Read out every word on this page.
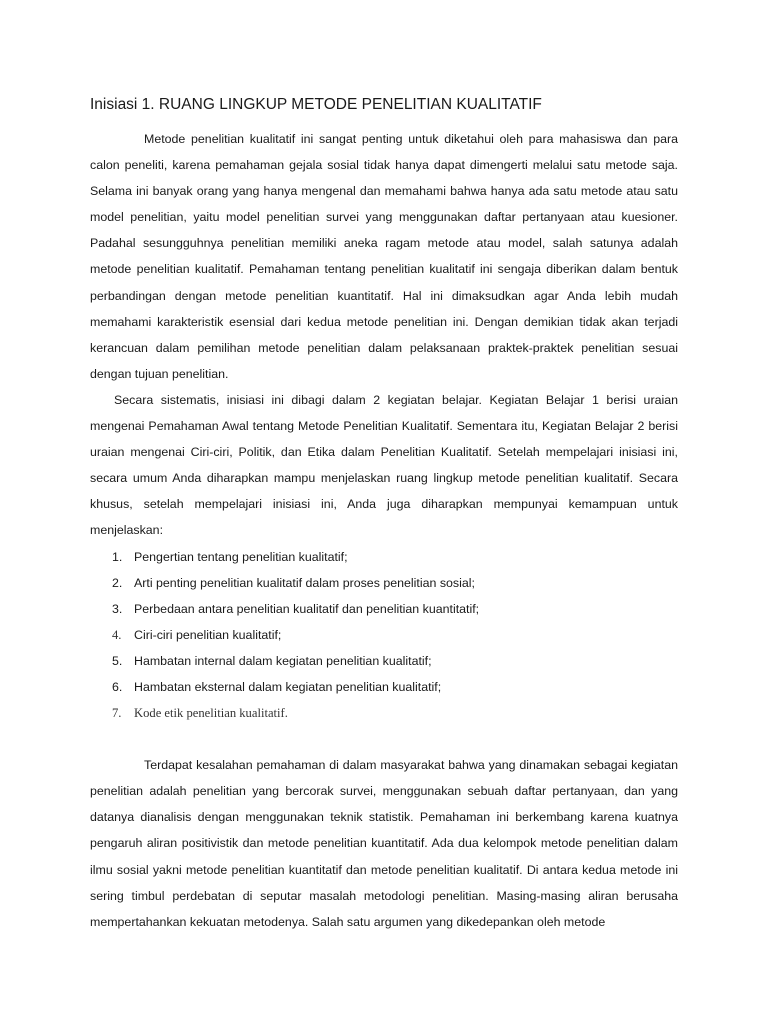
Inisiasi 1. RUANG LINGKUP METODE PENELITIAN KUALITATIF

Metode penelitian kualitatif ini sangat penting untuk diketahui oleh para mahasiswa dan para calon peneliti, karena pemahaman gejala sosial tidak hanya dapat dimengerti melalui satu metode saja. Selama ini banyak orang yang hanya mengenal dan memahami bahwa hanya ada satu metode atau satu model penelitian, yaitu model penelitian survei yang menggunakan daftar pertanyaan atau kuesioner. Padahal sesungguhnya penelitian memiliki aneka ragam metode atau model, salah satunya adalah metode penelitian kualitatif. Pemahaman tentang penelitian kualitatif ini sengaja diberikan dalam bentuk perbandingan dengan metode penelitian kuantitatif. Hal ini dimaksudkan agar Anda lebih mudah memahami karakteristik esensial dari kedua metode penelitian ini. Dengan demikian tidak akan terjadi kerancuan dalam pemilihan metode penelitian dalam pelaksanaan praktek-praktek penelitian sesuai dengan tujuan penelitian.

Secara sistematis, inisiasi ini dibagi dalam 2 kegiatan belajar. Kegiatan Belajar 1 berisi uraian mengenai Pemahaman Awal tentang Metode Penelitian Kualitatif. Sementara itu, Kegiatan Belajar 2 berisi uraian mengenai Ciri-ciri, Politik, dan Etika dalam Penelitian Kualitatif. Setelah mempelajari inisiasi ini, secara umum Anda diharapkan mampu menjelaskan ruang lingkup metode penelitian kualitatif. Secara khusus, setelah mempelajari inisiasi ini, Anda juga diharapkan mempunyai kemampuan untuk menjelaskan:

1. Pengertian tentang penelitian kualitatif;
2. Arti penting penelitian kualitatif dalam proses penelitian sosial;
3. Perbedaan antara penelitian kualitatif dan penelitian kuantitatif;
4.	Ciri-ciri penelitian kualitatif;
5. Hambatan internal dalam kegiatan penelitian kualitatif;
6. Hambatan eksternal dalam kegiatan penelitian kualitatif;
7. Kode etik penelitian kualitatif.

Terdapat kesalahan pemahaman di dalam masyarakat bahwa yang dinamakan sebagai kegiatan penelitian adalah penelitian yang bercorak survei, menggunakan sebuah daftar pertanyaan, dan yang datanya dianalisis dengan menggunakan teknik statistik. Pemahaman ini berkembang karena kuatnya pengaruh aliran positivistik dan metode penelitian kuantitatif. Ada dua kelompok metode penelitian dalam ilmu sosial yakni metode penelitian kuantitatif dan metode penelitian kualitatif. Di antara kedua metode ini sering timbul perdebatan di seputar masalah metodologi penelitian. Masing-masing aliran berusaha mempertahankan kekuatan metodenya. Salah satu argumen yang dikedepankan oleh metode
